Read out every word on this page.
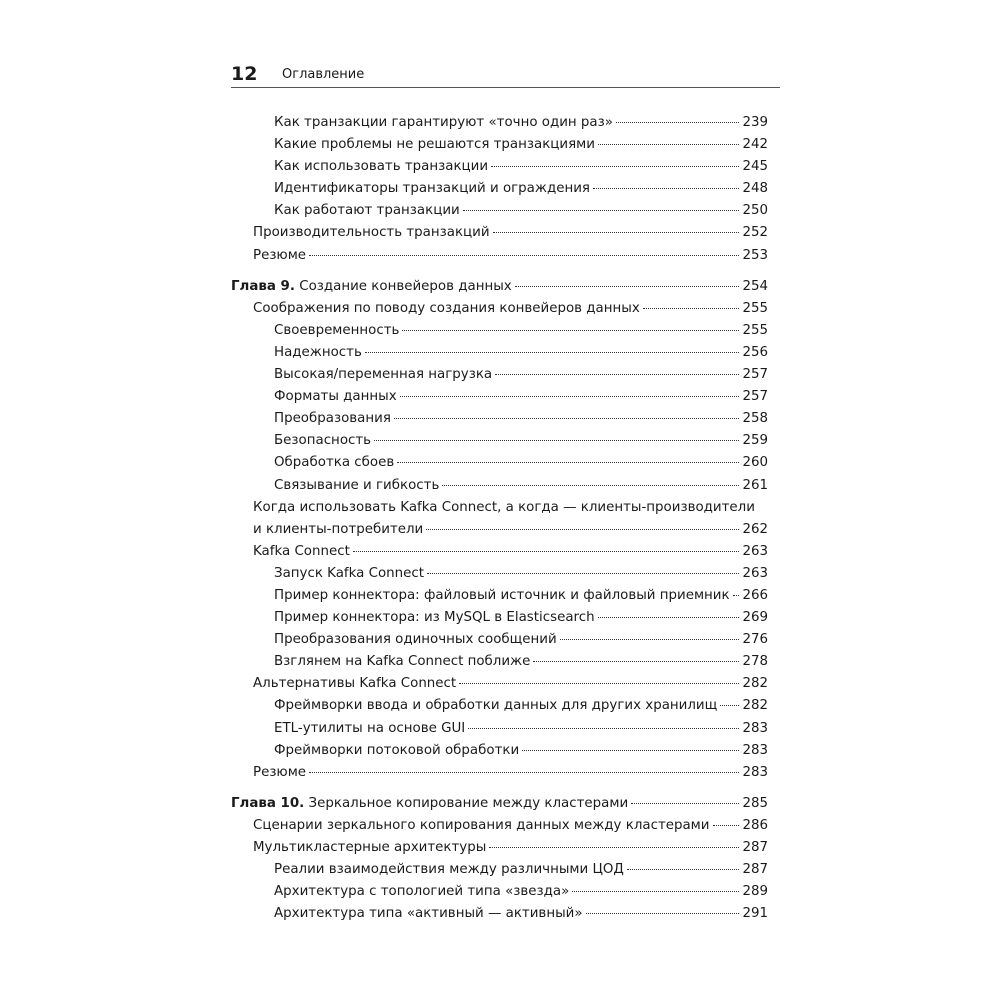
12 Оглавление
Как транзакции гарантируют «точно один раз»	239
Какие проблемы не решаются транзакциями	242
Как использовать транзакции	245
Идентификаторы транзакций и ограждения	248
Как работают транзакции	250
Производительность транзакций	252
Резюме	253
Глава 9. Создание конвейеров данных	254
Соображения по поводу создания конвейеров данных	255
Своевременность	255
Надежность	256
Высокая/переменная нагрузка	257
Форматы данных	257
Преобразования	258
Безопасность	259
Обработка сбоев	260
Связывание и гибкость	261
Когда использовать Kafka Connect, а когда — клиенты-производители
и клиенты-потребители	262
Kafka Connect	263
Запуск Kafka Connect	263
Пример коннектора: файловый источник и файловый приемник 266
Пример коннектора: из MySQL в Elasticsearch	269
Преобразования одиночных сообщений	276
Взглянем на Kafka Connect поближе	278
Альтернативы Kafka Connect	282
Фреймворки ввода и обработки данных для других хранилищ 282
ETL-утилиты на основе GUI	283
Фреймворки потоковой обработки	283
Резюме	283
Глава 10. Зеркальное копирование между кластерами	285
Сценарии зеркального копирования данных между кластерами 286
Мультикластерные архитектуры	287
Реалии взаимодействия между различными ЦОД	287
Архитектура с топологией типа «звезда»	289
Архитектура типа «активный — активный»	291
